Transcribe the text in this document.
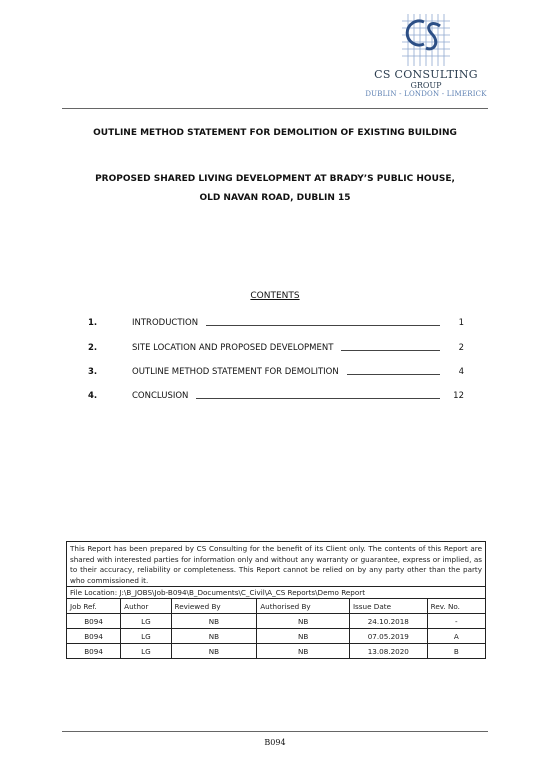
CS CONSULTING
GROUP
DUBLIN - LONDON - LIMERICK
OUTLINE METHOD STATEMENT FOR DEMOLITION OF EXISTING BUILDING
PROPOSED SHARED LIVING DEVELOPMENT AT BRADY’S PUBLIC HOUSE,
OLD NAVAN ROAD, DUBLIN 15
CONTENTS
1.	INTRODUCTION	1
2.	SITE LOCATION AND PROPOSED DEVELOPMENT	2
3.	OUTLINE METHOD STATEMENT FOR DEMOLITION	4
4.	CONCLUSION	12
This Report has been prepared by CS Consulting for the benefit of its Client only. The contents of this Report are shared with interested parties for information only and without any warranty or guarantee, express or implied, as to their accuracy, reliability or completeness. This Report cannot be relied on by any party other than the party who commissioned it.
File Location: J:\B_JOBS\Job-B094\B_Documents\C_Civil\A_CS Reports\Demo Report
Job Ref.	Author	Reviewed By	Authorised By	Issue Date	Rev. No.
B094	LG	NB	NB	24.10.2018	-
B094	LG	NB	NB	07.05.2019	A
B094	LG	NB	NB	13.08.2020	B
B094
